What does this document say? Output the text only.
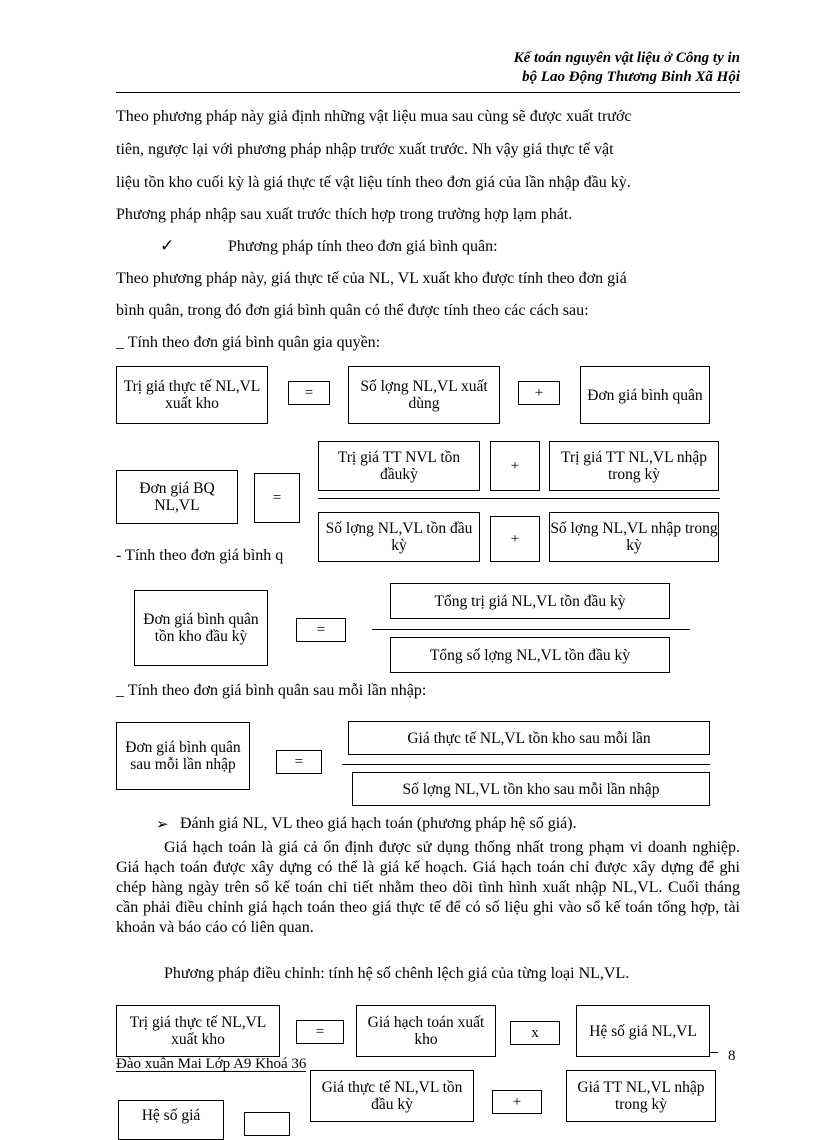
Kế toán nguyên vật liệu ở Công ty in
bộ Lao Động Thương Binh Xã Hội
Theo phương pháp này giả định những vật liệu mua sau cùng sẽ được xuất trước
tiên, ngược lại với phương pháp nhập trước xuất trước. Nh vậy giá thực tế vật
liệu tồn kho cuối kỳ là giá thực tế vật liệu tính theo đơn giá của lần nhập đầu kỳ.
Phương pháp nhập sau xuất trước thích hợp trong trường hợp lạm phát.
✓	Phương pháp tính theo đơn giá bình quân:
Theo phương pháp này, giá thực tế của NL, VL xuất kho được tính theo đơn giá
bình quân, trong đó đơn giá bình quân có thể được tính theo các cách sau:
_ Tính theo đơn giá bình quân gia quyền:
Trị giá thực tế NL,VL xuất kho
=	Số lợng NL,VL xuất dùng
+	Đơn giá bình quân
Trị giá TT NVL tồn đầukỳ
+	Trị giá TT NL,VL nhập trong kỳ
Đơn giá BQ NL,VL	=
Số lợng NL,VL tồn đầu kỳ	+
Số lợng NL,VL nhập trong kỳ
- Tính theo đơn giá bình q
Đơn giá bình quân tồn kho đầu kỳ	=
Tổng trị giá NL,VL tồn đầu kỳ
Tổng số lợng NL,VL tồn đầu kỳ
_ Tính theo đơn giá bình quân sau mỗi lần nhập:
Đơn giá bình quân sau mỗi lần nhập	=
Giá thực tế NL,VL tồn kho sau mỗi lần
Số lợng NL,VL tồn kho sau mỗi lần nhập
➢ Đánh giá NL, VL theo giá hạch toán (phương pháp hệ số giá).
Giá hạch toán là giá cả ổn định được sử dụng thống nhất trong phạm vi doanh nghiệp. Giá hạch toán được xây dựng có thể là giá kế hoạch. Giá hạch toán chỉ được xây dựng để ghi chép hàng ngày trên sổ kế toán chi tiết nhằm theo dõi tình hình xuất nhập NL,VL. Cuối tháng cần phải điều chỉnh giá hạch toán theo giá thực tế để có số liệu ghi vào sổ kế toán tổng hợp, tài khoản và báo cáo có liên quan.
Phương pháp điều chỉnh: tính hệ số chênh lệch giá của từng loại NL,VL.
Trị giá thực tế NL,VL xuất kho	=
Giá hạch toán xuất kho	x	Hệ số giá NL,VL
Đào xuân Mai Lớp A9 Khoá 36	8
Giá thực tế NL,VL tồn đầu kỳ	+
Giá TT NL,VL nhập trong kỳ
Hệ số giá
